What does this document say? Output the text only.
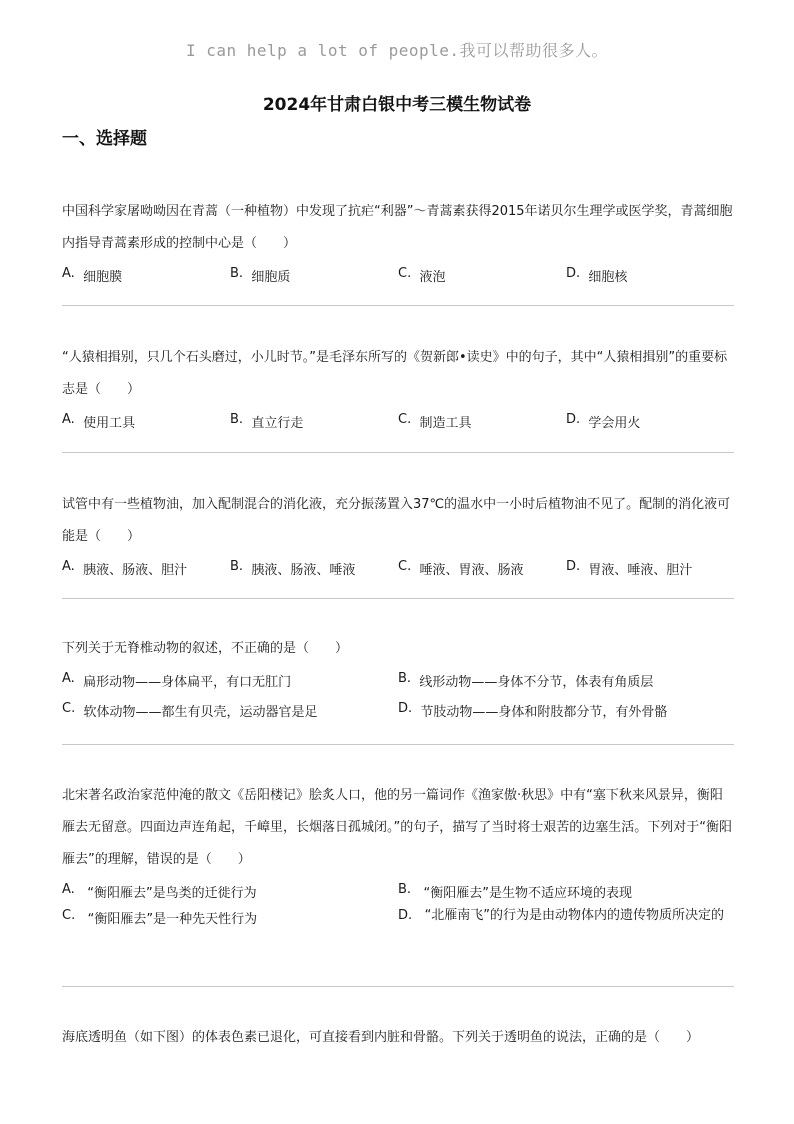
I can help a lot of people.我可以帮助很多人。
2024年甘肃白银中考三模生物试卷
一、选择题

中国科学家屠呦呦因在青蒿（一种植物）中发现了抗疟“利器”～青蒿素获得2015年诺贝尔生理学或医学奖，青蒿细胞内指导青蒿素形成的控制中心是（　　）

A.
细胞膜	B.
细胞质	C.
液泡	D.
细胞核

“人猿相揖别，只几个石头磨过，小儿时节。”是毛泽东所写的《贺新郎•读史》中的句子，其中“人猿相揖别”的重要标志是（　　）

A.
使用工具	B.
直立行走	C.
制造工具	D.
学会用火

试管中有一些植物油，加入配制混合的消化液，充分振荡置入37℃的温水中一小时后植物油不见了。配制的消化液可能是（　　）

A.
胰液、肠液、胆汁	B.
胰液、肠液、唾液	C.
唾液、胃液、肠液	D.
胃液、唾液、胆汁

下列关于无脊椎动物的叙述，不正确的是（　　）

A.
扁形动物——身体扁平，有口无肛门	B.
线形动物——身体不分节，体表有角质层
C.
软体动物——都生有贝壳，运动器官是足	D.
节肢动物——身体和附肢都分节，有外骨骼

北宋著名政治家范仲淹的散文《岳阳楼记》脍炙人口，他的另一篇词作《渔家傲·秋思》中有“塞下秋来风景异，衡阳雁去无留意。四面边声连角起，千嶂里，长烟落日孤城闭。”的句子，描写了当时将士艰苦的边塞生活。下列对于“衡阳雁去”的理解，错误的是（　　）

A.
“衡阳雁去”是鸟类的迁徙行为	B.
“衡阳雁去”是生物不适应环境的表现
C.
“衡阳雁去”是一种先天性行为	D.
“北雁南飞”的行为是由动物体内的遗传物质所决定的

海底透明鱼（如下图）的体表色素已退化，可直接看到内脏和骨骼。下列关于透明鱼的说法，正确的是（　　）
